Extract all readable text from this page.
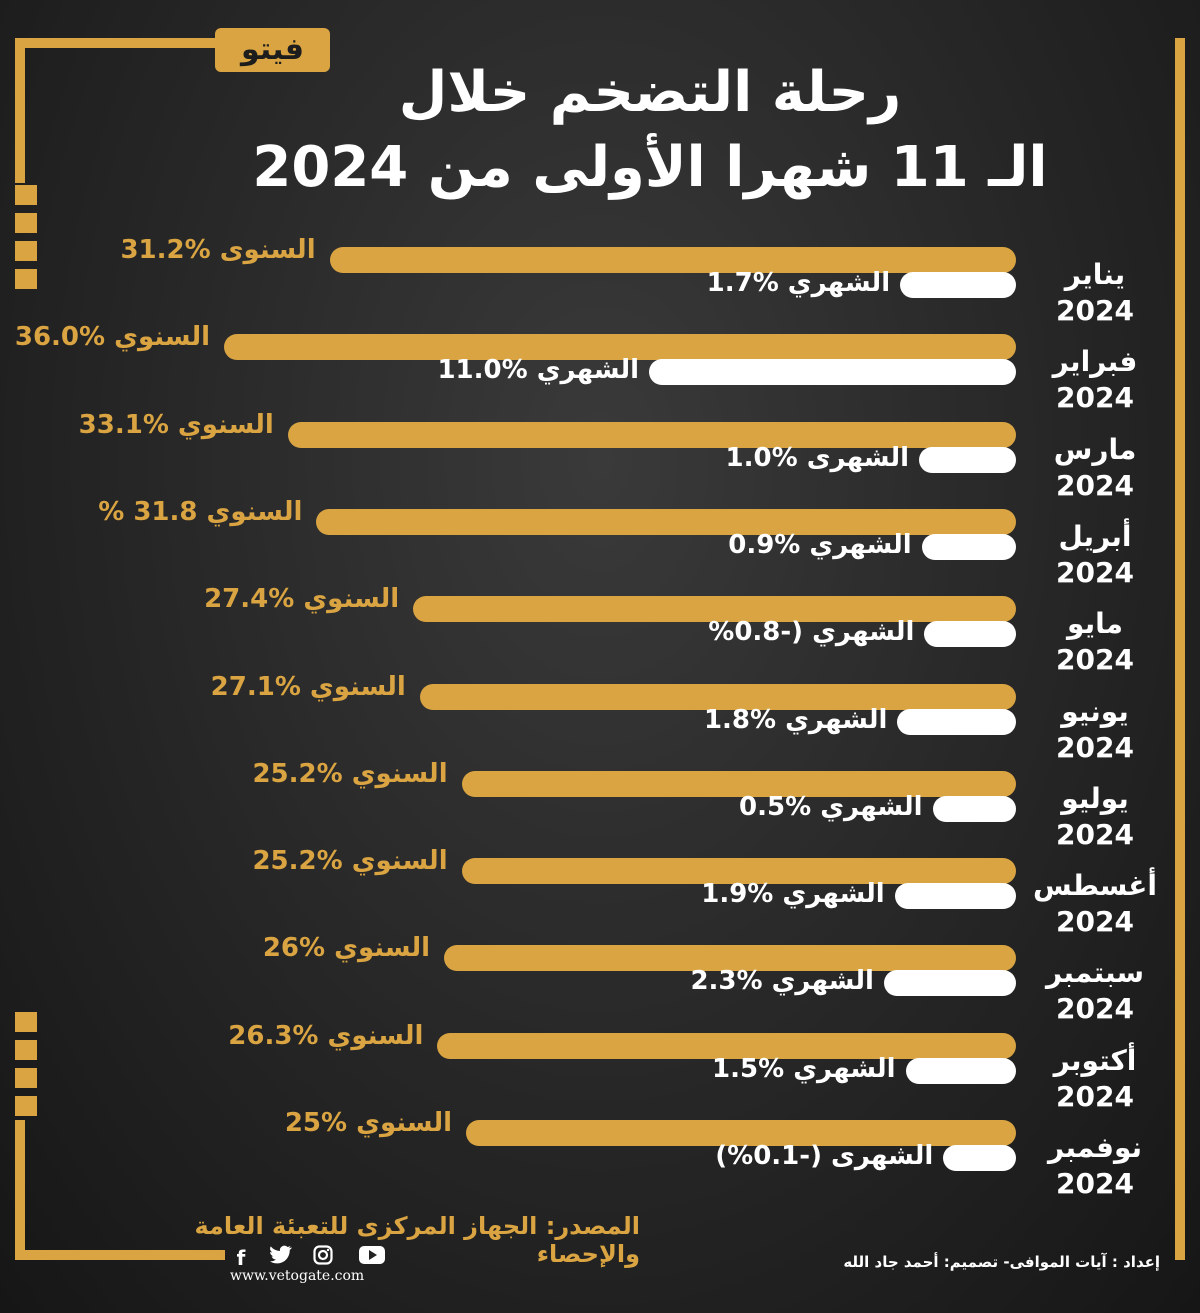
فيتو
رحلة التضخم خلال
الـ 11 شهرا الأولى من 2024
يناير
2024
السنوى %31.2
الشهري %1.7
فبراير
2024
السنوي %36.0
الشهري %11.0
مارس
2024
السنوي %33.1
الشهرى %1.0
أبريل
2024
السنوي 31.8 %
الشهري %0.9
مايو
2024
السنوي %27.4
الشهري (-0.8%
يونيو
2024
السنوي %27.1
الشهري %1.8
يوليو
2024
السنوي %25.2
الشهري %0.5
أغسطس
2024
السنوي %25.2
الشهري %1.9
سبتمبر
2024
السنوي %26
الشهري %2.3
أكتوبر
2024
السنوي %26.3
الشهري %1.5
نوفمبر
2024
السنوي %25
الشهرى (-0.1%)
المصدر: الجهاز المركزى للتعبئة العامة والإحصاء	إعداد : آيات الموافى- تصميم: أحمد جاد الله
f
www.vetogate.com
